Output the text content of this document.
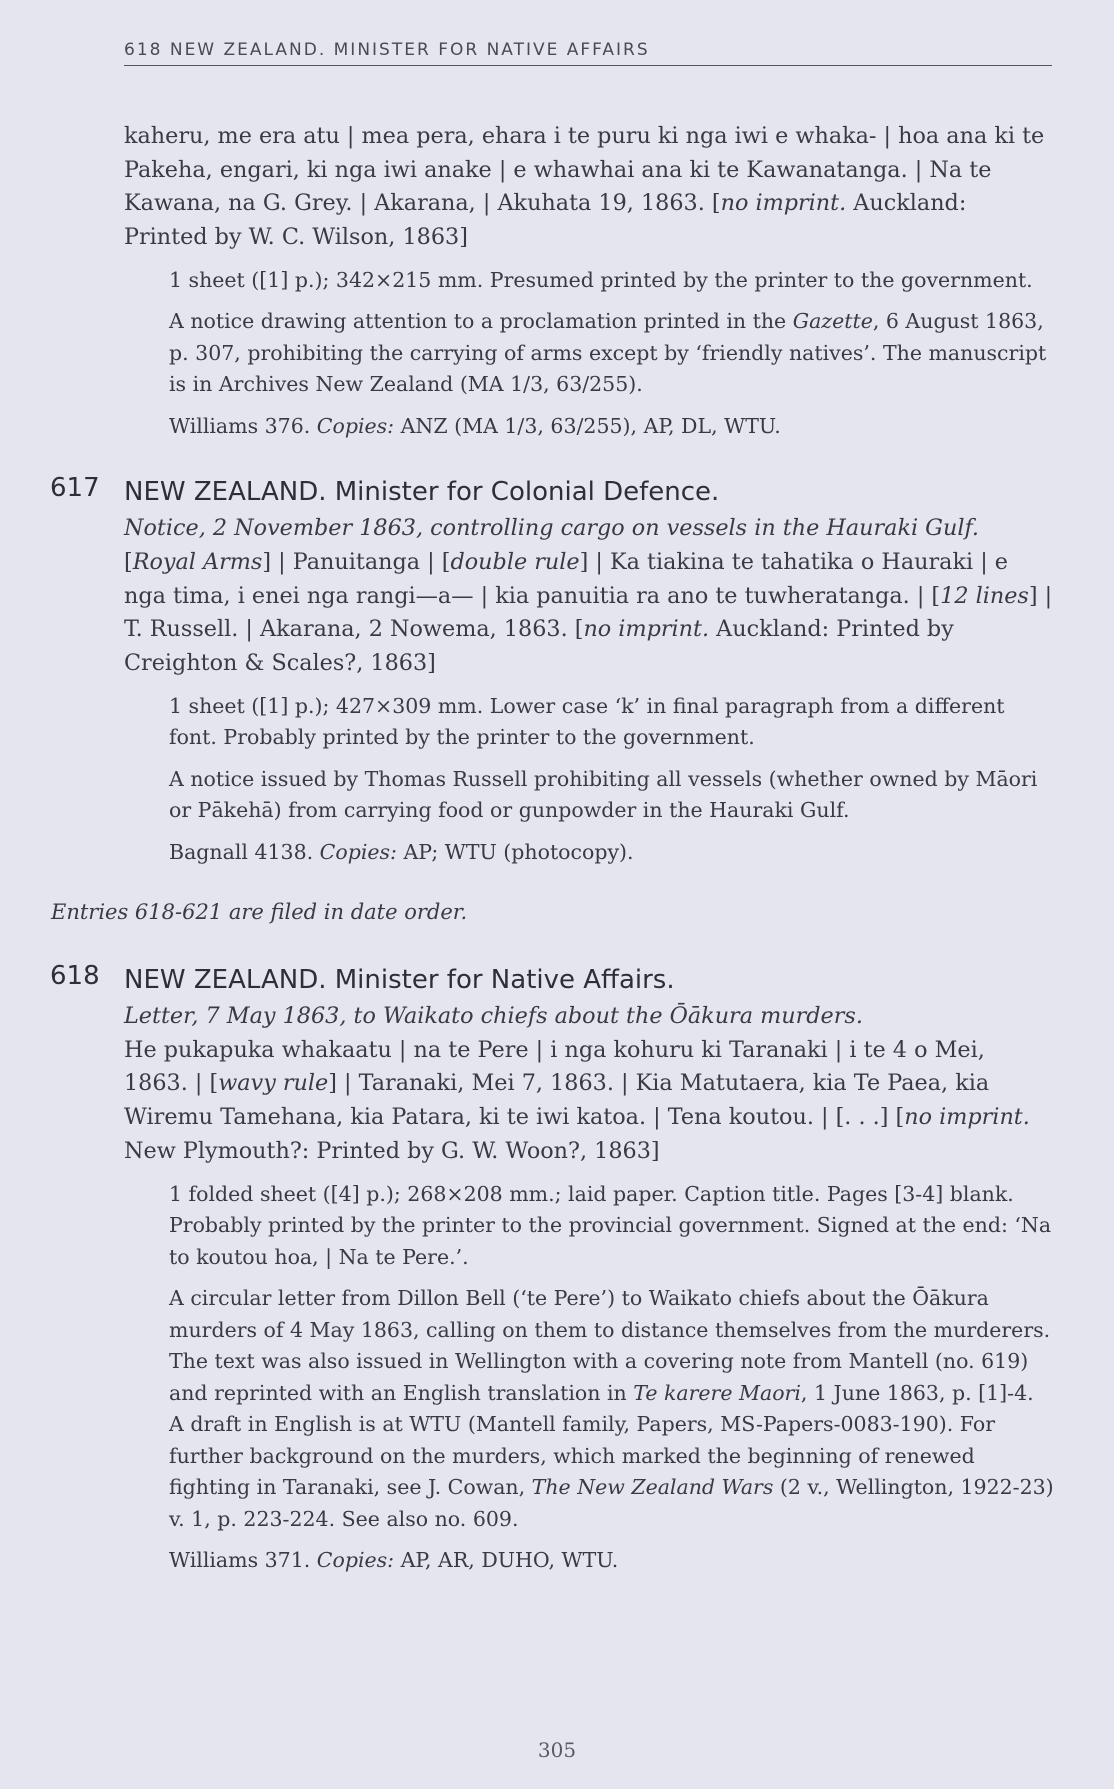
618 NEW ZEALAND. MINISTER FOR NATIVE AFFAIRS
kaheru, me era atu | mea pera, ehara i te puru ki nga iwi e whaka- | hoa ana ki te Pakeha, engari, ki nga iwi anake | e whawhai ana ki te Kawanatanga. | Na te Kawana, na G. Grey. | Akarana, | Akuhata 19, 1863. [no imprint. Auckland: Printed by W. C. Wilson, 1863]
1 sheet ([1] p.); 342×215 mm. Presumed printed by the printer to the government.
A notice drawing attention to a proclamation printed in the Gazette, 6 August 1863, p. 307, prohibiting the carrying of arms except by ‘friendly natives’. The manuscript is in Archives New Zealand (MA 1/3, 63/255).
Williams 376. Copies: ANZ (MA 1/3, 63/255), AP, DL, WTU.
617 NEW ZEALAND. Minister for Colonial Defence.
Notice, 2 November 1863, controlling cargo on vessels in the Hauraki Gulf.
[Royal Arms] | Panuitanga | [double rule] | Ka tiakina te tahatika o Hauraki | e nga tima, i enei nga rangi—a— | kia panuitia ra ano te tuwheratanga. | [12 lines] | T. Russell. | Akarana, 2 Nowema, 1863. [no imprint. Auckland: Printed by Creighton & Scales?, 1863]
1 sheet ([1] p.); 427×309 mm. Lower case ‘k’ in final paragraph from a different font. Probably printed by the printer to the government.
A notice issued by Thomas Russell prohibiting all vessels (whether owned by Māori or Pākehā) from carrying food or gunpowder in the Hauraki Gulf.
Bagnall 4138. Copies: AP; WTU (photocopy).
Entries 618-621 are filed in date order.
618 NEW ZEALAND. Minister for Native Affairs.
Letter, 7 May 1863, to Waikato chiefs about the Ōākura murders.
He pukapuka whakaatu | na te Pere | i nga kohuru ki Taranaki | i te 4 o Mei, 1863. | [wavy rule] | Taranaki, Mei 7, 1863. | Kia Matutaera, kia Te Paea, kia Wiremu Tamehana, kia Patara, ki te iwi katoa. | Tena koutou. | [. . .] [no imprint. New Plymouth?: Printed by G. W. Woon?, 1863]
1 folded sheet ([4] p.); 268×208 mm.; laid paper. Caption title. Pages [3-4] blank. Probably printed by the printer to the provincial government. Signed at the end: ‘Na to koutou hoa, | Na te Pere.’.
A circular letter from Dillon Bell (‘te Pere’) to Waikato chiefs about the Ōākura murders of 4 May 1863, calling on them to distance themselves from the murderers. The text was also issued in Wellington with a covering note from Mantell (no. 619) and reprinted with an English translation in Te karere Maori, 1 June 1863, p. [1]-4. A draft in English is at WTU (Mantell family, Papers, MS-Papers-0083-190). For further background on the murders, which marked the beginning of renewed fighting in Taranaki, see J. Cowan, The New Zealand Wars (2 v., Wellington, 1922-23) v. 1, p. 223-224. See also no. 609.
Williams 371. Copies: AP, AR, DUHO, WTU.
305
